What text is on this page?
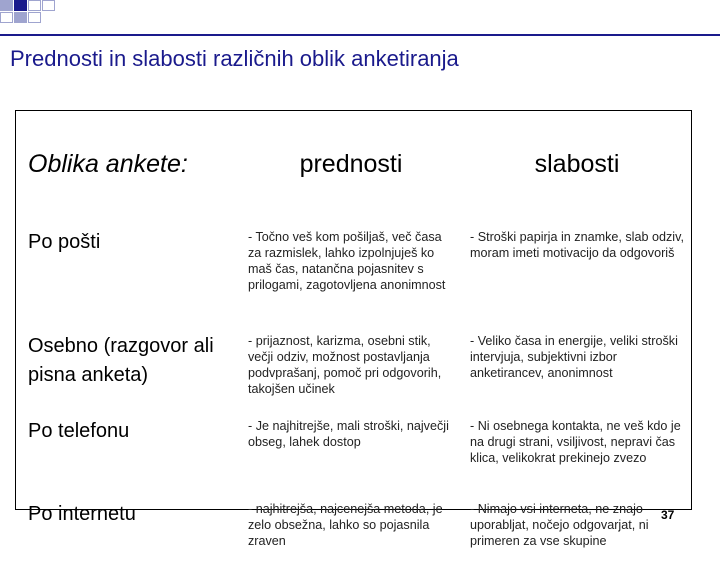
Prednosti in slabosti različnih oblik anketiranja
Oblika ankete:	prednosti	slabosti
Po pošti	- Točno veš kom pošiljaš, več časa za razmislek, lahko izpolnjuješ ko maš čas, natančna pojasnitev s prilogami, zagotovljena anonimnost	- Stroški papirja in znamke, slab odziv, moram imeti motivacijo da odgovoriš
Osebno (razgovor ali pisna anketa)	- prijaznost, karizma, osebni stik, večji odziv, možnost postavljanja podvprašanj, pomoč pri odgovorih, takojšen učinek	- Veliko časa in energije, veliki stroški intervjuja, subjektivni izbor anketirancev, anonimnost
Po telefonu	- Je najhitrejše, mali stroški, največji obseg, lahek dostop	- Ni osebnega kontakta, ne veš kdo je na drugi strani, vsiljivost, nepravi čas klica, velikokrat prekinejo zvezo
Po internetu	- najhitrejša, najcenejša metoda, je zelo obsežna, lahko so pojasnila zraven	- Nimajo vsi interneta, ne znajo uporabljat, nočejo odgovarjat, ni primeren za vse skupine
37
